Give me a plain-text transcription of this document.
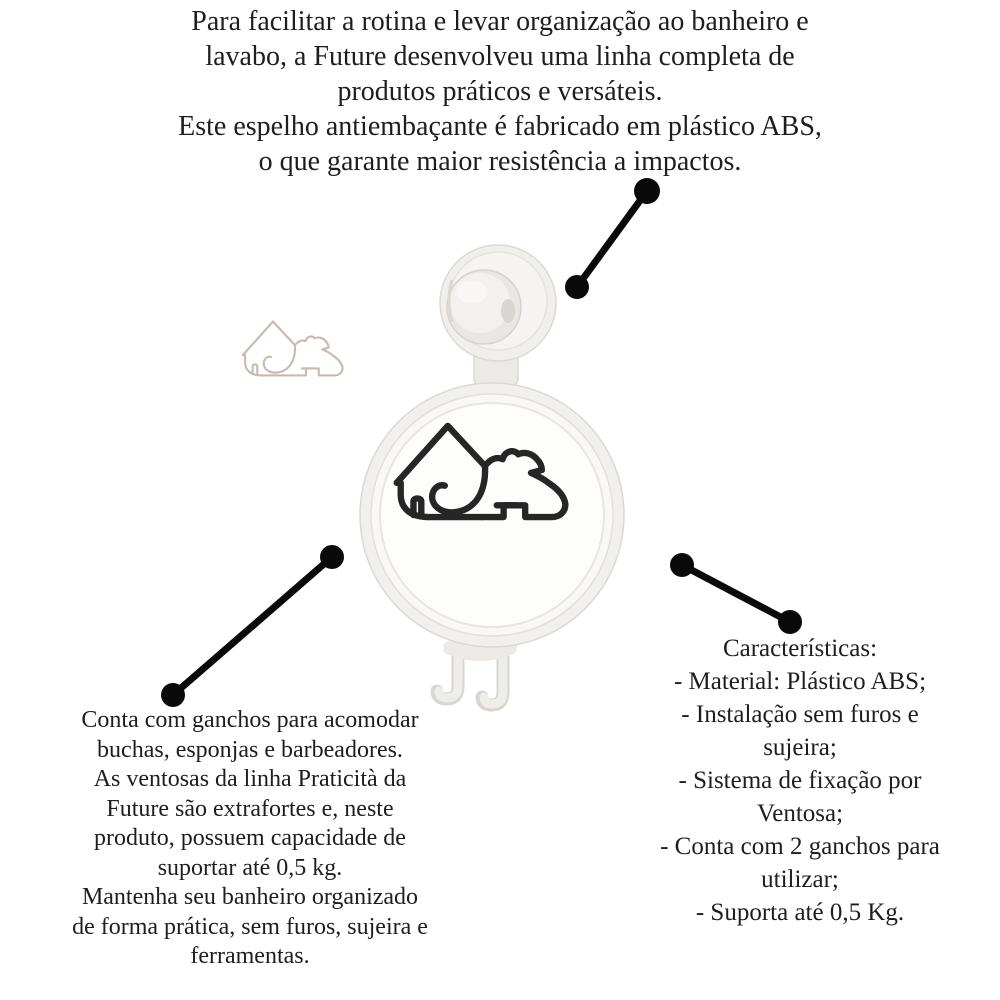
Para facilitar a rotina e levar organização ao banheiro e
lavabo, a Future desenvolveu uma linha completa de
produtos práticos e versáteis.
Este espelho antiembaçante é fabricado em plástico ABS,
o que garante maior resistência a impactos.
Conta com ganchos para acomodar
buchas, esponjas e barbeadores.
As ventosas da linha Praticità da
Future são extrafortes e, neste
produto, possuem capacidade de
suportar até 0,5 kg.
Mantenha seu banheiro organizado
de forma prática, sem furos, sujeira e
ferramentas.
Características:
- Material: Plástico ABS;
- Instalação sem furos e
sujeira;
- Sistema de fixação por
Ventosa;
- Conta com 2 ganchos para
utilizar;
- Suporta até 0,5 Kg.
